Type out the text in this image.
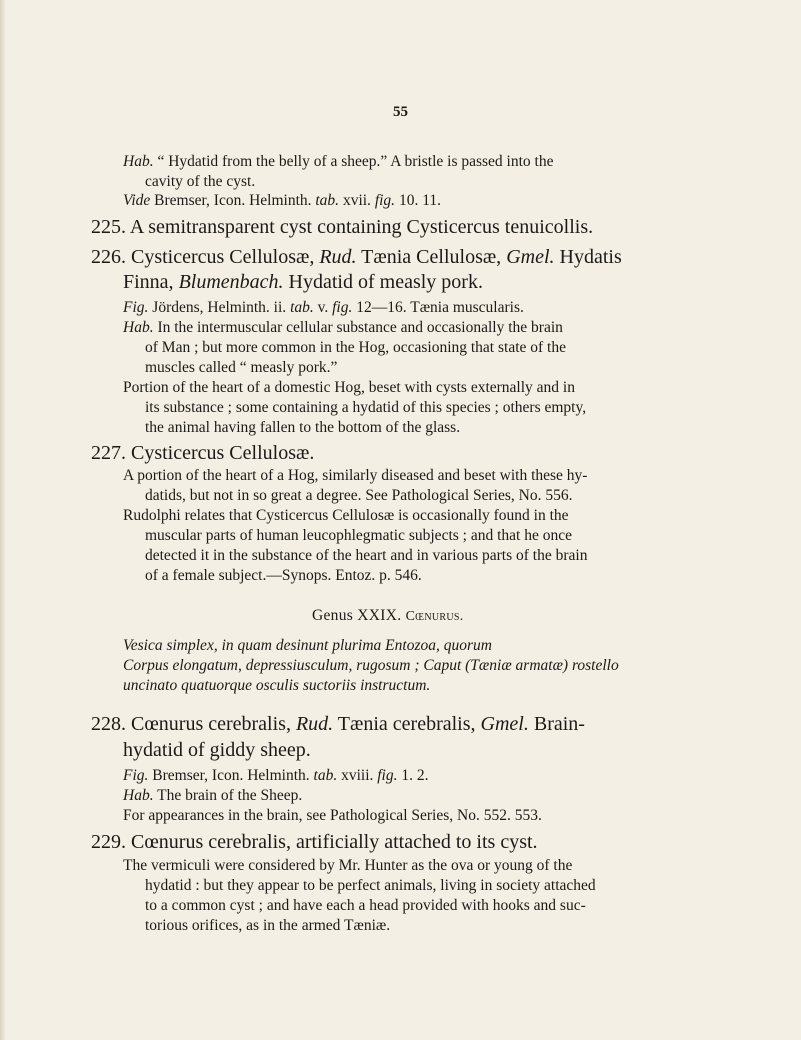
55
Hab. “ Hydatid from the belly of a sheep.” A bristle is passed into the
cavity of the cyst.
Vide Bremser, Icon. Helminth. tab. xvii. fig. 10. 11.
225. A semitransparent cyst containing Cysticercus tenuicollis.
226. Cysticercus Cellulosæ, Rud. Tænia Cellulosæ, Gmel. Hydatis
Finna, Blumenbach. Hydatid of measly pork.
Fig. Jördens, Helminth. ii. tab. v. fig. 12—16. Tænia muscularis.
Hab. In the intermuscular cellular substance and occasionally the brain
of Man ; but more common in the Hog, occasioning that state of the
muscles called “ measly pork.”
Portion of the heart of a domestic Hog, beset with cysts externally and in
its substance ; some containing a hydatid of this species ; others empty,
the animal having fallen to the bottom of the glass.
227. Cysticercus Cellulosæ.
A portion of the heart of a Hog, similarly diseased and beset with these hy-
datids, but not in so great a degree. See Pathological Series, No. 556.
Rudolphi relates that Cysticercus Cellulosæ is occasionally found in the
muscular parts of human leucophlegmatic subjects ; and that he once
detected it in the substance of the heart and in various parts of the brain
of a female subject.—Synops. Entoz. p. 546.
Genus XXIX. Cœnurus.
Vesica simplex, in quam desinunt plurima Entozoa, quorum
Corpus elongatum, depressiusculum, rugosum ; Caput (Tæniæ armatæ) rostello
uncinato quatuorque osculis suctoriis instructum.
228. Cœnurus cerebralis, Rud. Tænia cerebralis, Gmel. Brain-
hydatid of giddy sheep.
Fig. Bremser, Icon. Helminth. tab. xviii. fig. 1. 2.
Hab. The brain of the Sheep.
For appearances in the brain, see Pathological Series, No. 552. 553.
229. Cœnurus cerebralis, artificially attached to its cyst.
The vermiculi were considered by Mr. Hunter as the ova or young of the
hydatid : but they appear to be perfect animals, living in society attached
to a common cyst ; and have each a head provided with hooks and suc-
torious orifices, as in the armed Tæniæ.
